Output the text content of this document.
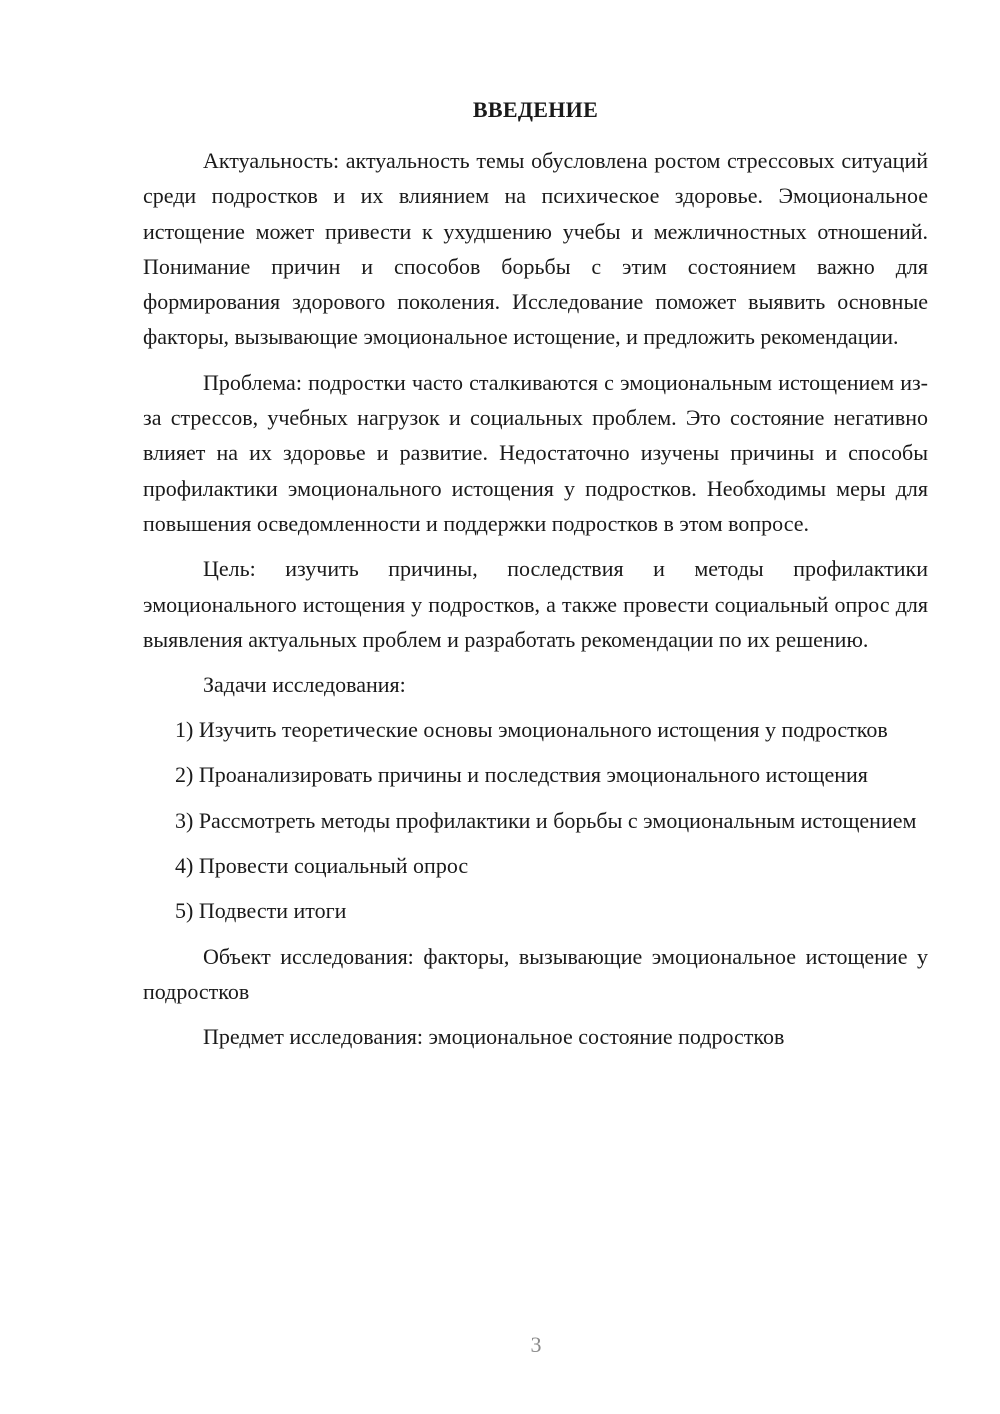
ВВЕДЕНИЕ

Актуальность: актуальность темы обусловлена ростом стрессовых ситуаций среди подростков и их влиянием на психическое здоровье. Эмоциональное истощение может привести к ухудшению учебы и межличностных отношений. Понимание причин и способов борьбы с этим состоянием важно для формирования здорового поколения. Исследование поможет выявить основные факторы, вызывающие эмоциональное истощение, и предложить рекомендации.

Проблема: подростки часто сталкиваются с эмоциональным истощением из-за стрессов, учебных нагрузок и социальных проблем. Это состояние негативно влияет на их здоровье и развитие. Недостаточно изучены причины и способы профилактики эмоционального истощения у подростков. Необходимы меры для повышения осведомленности и поддержки подростков в этом вопросе.

Цель: изучить причины, последствия и методы профилактики эмоционального истощения у подростков, а также провести социальный опрос для выявления актуальных проблем и разработать рекомендации по их решению.

Задачи исследования:

1) Изучить теоретические основы эмоционального истощения у подростков

2) Проанализировать причины и последствия эмоционального истощения

3) Рассмотреть методы профилактики и борьбы с эмоциональным истощением

4) Провести социальный опрос

5) Подвести итоги

Объект исследования: факторы, вызывающие эмоциональное истощение у подростков

Предмет исследования: эмоциональное состояние подростков

3
